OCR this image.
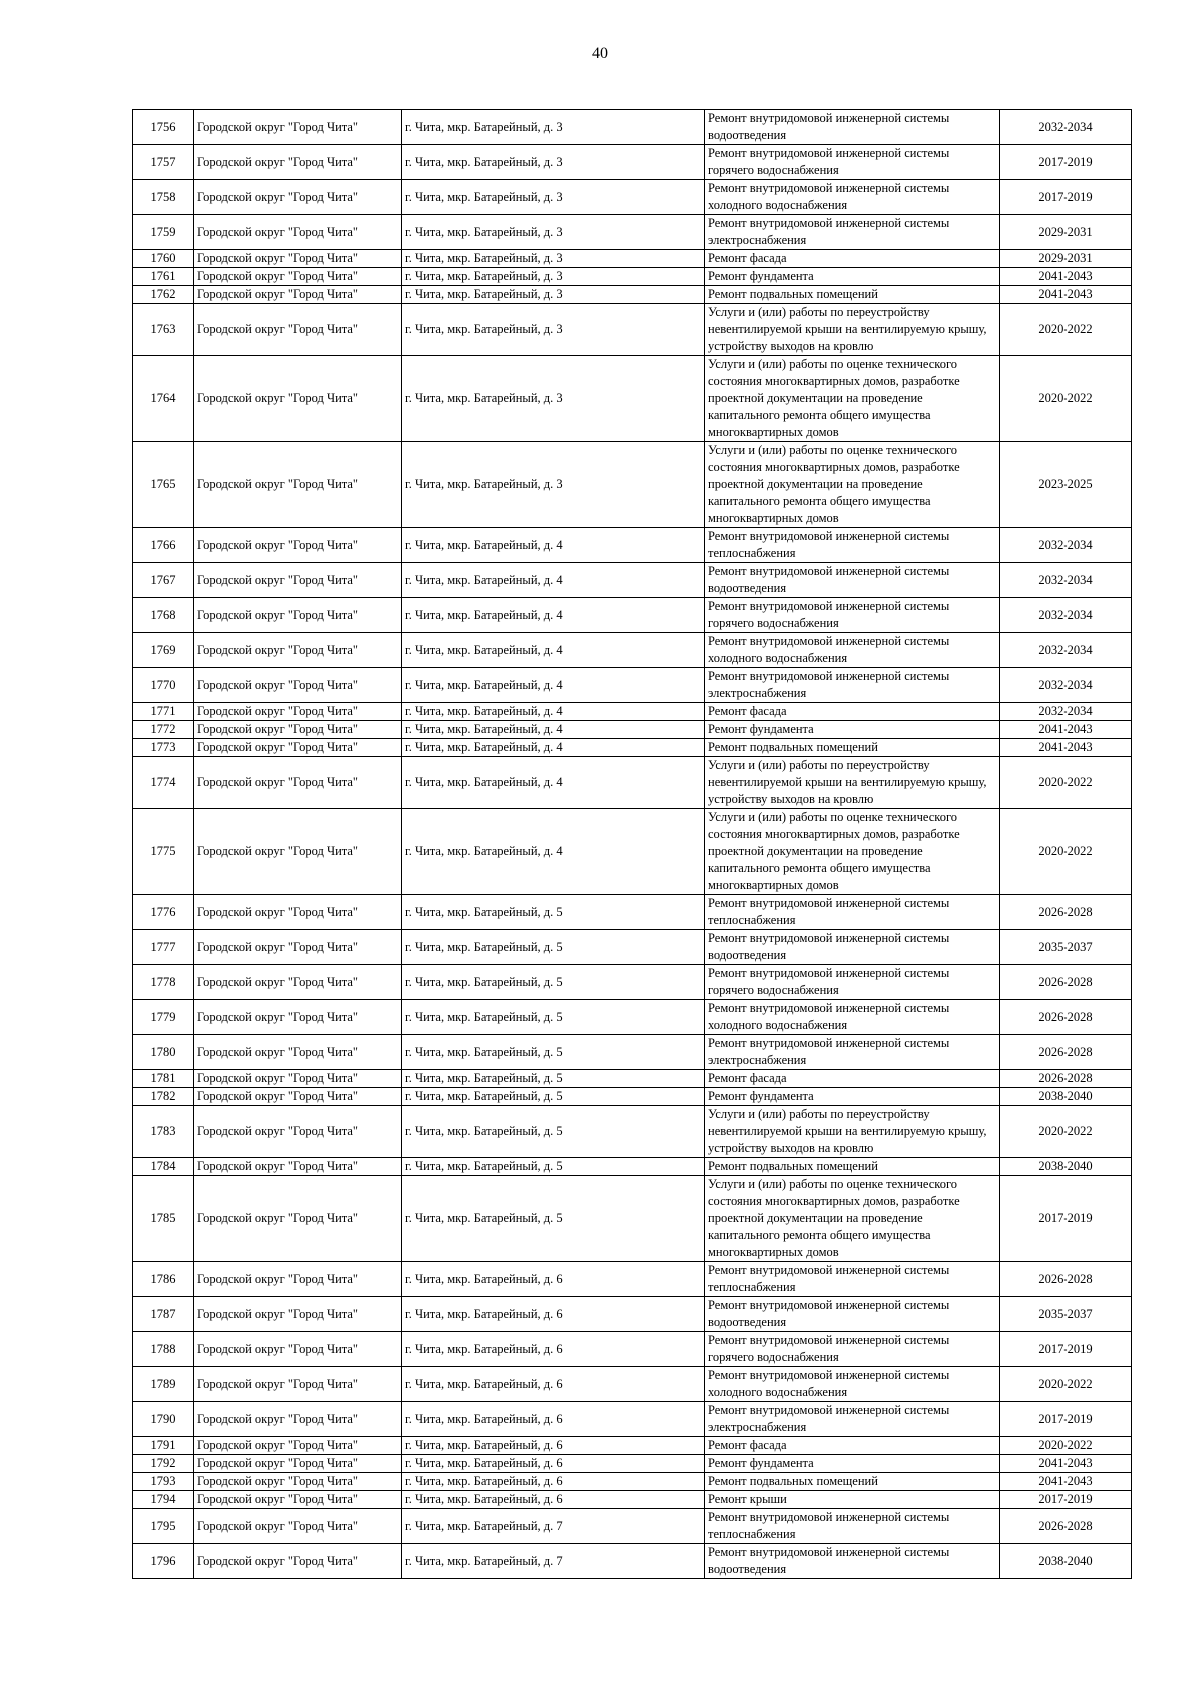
40
1756	Городской округ "Город Чита"	г. Чита, мкр. Батарейный, д. 3	Ремонт внутридомовой инженерной системы водоотведения	2032-2034
1757	Городской округ "Город Чита"	г. Чита, мкр. Батарейный, д. 3	Ремонт внутридомовой инженерной системы горячего водоснабжения	2017-2019
1758	Городской округ "Город Чита"	г. Чита, мкр. Батарейный, д. 3	Ремонт внутридомовой инженерной системы холодного водоснабжения	2017-2019
1759	Городской округ "Город Чита"	г. Чита, мкр. Батарейный, д. 3	Ремонт внутридомовой инженерной системы электроснабжения	2029-2031
1760	Городской округ "Город Чита"	г. Чита, мкр. Батарейный, д. 3	Ремонт фасада	2029-2031
1761	Городской округ "Город Чита"	г. Чита, мкр. Батарейный, д. 3	Ремонт фундамента	2041-2043
1762	Городской округ "Город Чита"	г. Чита, мкр. Батарейный, д. 3	Ремонт подвальных помещений	2041-2043
1763	Городской округ "Город Чита"	г. Чита, мкр. Батарейный, д. 3	Услуги и (или) работы по переустройству невентилируемой крыши на вентилируемую крышу, устройству выходов на кровлю	2020-2022
1764	Городской округ "Город Чита"	г. Чита, мкр. Батарейный, д. 3	Услуги и (или) работы по оценке технического состояния многоквартирных домов, разработке проектной документации на проведение капитального ремонта общего имущества многоквартирных домов	2020-2022
1765	Городской округ "Город Чита"	г. Чита, мкр. Батарейный, д. 3	Услуги и (или) работы по оценке технического состояния многоквартирных домов, разработке проектной документации на проведение капитального ремонта общего имущества многоквартирных домов	2023-2025
1766	Городской округ "Город Чита"	г. Чита, мкр. Батарейный, д. 4	Ремонт внутридомовой инженерной системы теплоснабжения	2032-2034
1767	Городской округ "Город Чита"	г. Чита, мкр. Батарейный, д. 4	Ремонт внутридомовой инженерной системы водоотведения	2032-2034
1768	Городской округ "Город Чита"	г. Чита, мкр. Батарейный, д. 4	Ремонт внутридомовой инженерной системы горячего водоснабжения	2032-2034
1769	Городской округ "Город Чита"	г. Чита, мкр. Батарейный, д. 4	Ремонт внутридомовой инженерной системы холодного водоснабжения	2032-2034
1770	Городской округ "Город Чита"	г. Чита, мкр. Батарейный, д. 4	Ремонт внутридомовой инженерной системы электроснабжения	2032-2034
1771	Городской округ "Город Чита"	г. Чита, мкр. Батарейный, д. 4	Ремонт фасада	2032-2034
1772	Городской округ "Город Чита"	г. Чита, мкр. Батарейный, д. 4	Ремонт фундамента	2041-2043
1773	Городской округ "Город Чита"	г. Чита, мкр. Батарейный, д. 4	Ремонт подвальных помещений	2041-2043
1774	Городской округ "Город Чита"	г. Чита, мкр. Батарейный, д. 4	Услуги и (или) работы по переустройству невентилируемой крыши на вентилируемую крышу, устройству выходов на кровлю	2020-2022
1775	Городской округ "Город Чита"	г. Чита, мкр. Батарейный, д. 4	Услуги и (или) работы по оценке технического состояния многоквартирных домов, разработке проектной документации на проведение капитального ремонта общего имущества многоквартирных домов	2020-2022
1776	Городской округ "Город Чита"	г. Чита, мкр. Батарейный, д. 5	Ремонт внутридомовой инженерной системы теплоснабжения	2026-2028
1777	Городской округ "Город Чита"	г. Чита, мкр. Батарейный, д. 5	Ремонт внутридомовой инженерной системы водоотведения	2035-2037
1778	Городской округ "Город Чита"	г. Чита, мкр. Батарейный, д. 5	Ремонт внутридомовой инженерной системы горячего водоснабжения	2026-2028
1779	Городской округ "Город Чита"	г. Чита, мкр. Батарейный, д. 5	Ремонт внутридомовой инженерной системы холодного водоснабжения	2026-2028
1780	Городской округ "Город Чита"	г. Чита, мкр. Батарейный, д. 5	Ремонт внутридомовой инженерной системы электроснабжения	2026-2028
1781	Городской округ "Город Чита"	г. Чита, мкр. Батарейный, д. 5	Ремонт фасада	2026-2028
1782	Городской округ "Город Чита"	г. Чита, мкр. Батарейный, д. 5	Ремонт фундамента	2038-2040
1783	Городской округ "Город Чита"	г. Чита, мкр. Батарейный, д. 5	Услуги и (или) работы по переустройству невентилируемой крыши на вентилируемую крышу, устройству выходов на кровлю	2020-2022
1784	Городской округ "Город Чита"	г. Чита, мкр. Батарейный, д. 5	Ремонт подвальных помещений	2038-2040
1785	Городской округ "Город Чита"	г. Чита, мкр. Батарейный, д. 5	Услуги и (или) работы по оценке технического состояния многоквартирных домов, разработке проектной документации на проведение капитального ремонта общего имущества многоквартирных домов	2017-2019
1786	Городской округ "Город Чита"	г. Чита, мкр. Батарейный, д. 6	Ремонт внутридомовой инженерной системы теплоснабжения	2026-2028
1787	Городской округ "Город Чита"	г. Чита, мкр. Батарейный, д. 6	Ремонт внутридомовой инженерной системы водоотведения	2035-2037
1788	Городской округ "Город Чита"	г. Чита, мкр. Батарейный, д. 6	Ремонт внутридомовой инженерной системы горячего водоснабжения	2017-2019
1789	Городской округ "Город Чита"	г. Чита, мкр. Батарейный, д. 6	Ремонт внутридомовой инженерной системы холодного водоснабжения	2020-2022
1790	Городской округ "Город Чита"	г. Чита, мкр. Батарейный, д. 6	Ремонт внутридомовой инженерной системы электроснабжения	2017-2019
1791	Городской округ "Город Чита"	г. Чита, мкр. Батарейный, д. 6	Ремонт фасада	2020-2022
1792	Городской округ "Город Чита"	г. Чита, мкр. Батарейный, д. 6	Ремонт фундамента	2041-2043
1793	Городской округ "Город Чита"	г. Чита, мкр. Батарейный, д. 6	Ремонт подвальных помещений	2041-2043
1794	Городской округ "Город Чита"	г. Чита, мкр. Батарейный, д. 6	Ремонт крыши	2017-2019
1795	Городской округ "Город Чита"	г. Чита, мкр. Батарейный, д. 7	Ремонт внутридомовой инженерной системы теплоснабжения	2026-2028
1796	Городской округ "Город Чита"	г. Чита, мкр. Батарейный, д. 7	Ремонт внутридомовой инженерной системы водоотведения	2038-2040
